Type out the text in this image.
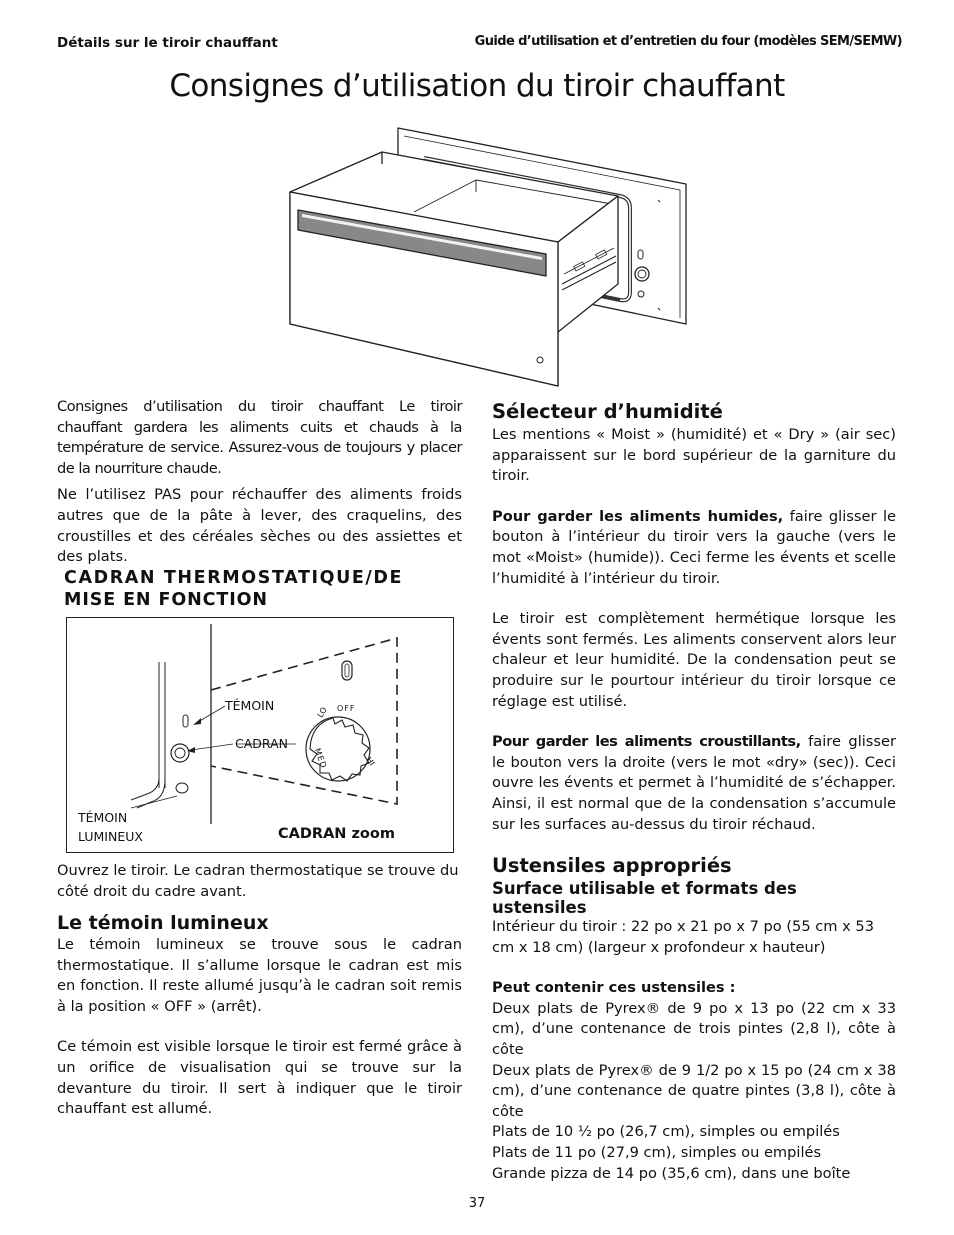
Détails sur le tiroir chauffant	Guide d’utilisation et d’entretien du four (modèles SEM/SEMW)
Consignes d’utilisation du tiroir chauffant

Consignes d’utilisation du tiroir chauffant Le tiroir chauffant gardera les aliments cuits et chauds à la température de service. Assurez-vous de toujours y placer de la nourriture chaude.

Ne l’utilisez PAS pour réchauffer des aliments froids autres que de la pâte à lever, des craquelins, des croustilles et des céréales sèches ou des assiettes et des plats.

CADRAN THERMOSTATIQUE/DE
MISE EN FONCTION
LO OFF
HI
MED
TÉMOIN
CADRAN
TÉMOIN
LUMINEUX	CADRAN zoom

Ouvrez le tiroir. Le cadran thermostatique se trouve du côté droit du cadre avant.

Le témoin lumineux

Le témoin lumineux se trouve sous le cadran thermostatique. Il s’allume lorsque le cadran est mis en fonction. Il reste allumé jusqu’à le cadran soit remis à la position « OFF » (arrêt).

Ce témoin est visible lorsque le tiroir est fermé grâce à un orifice de visualisation qui se trouve sur la devanture du tiroir. Il sert à indiquer que le tiroir chauffant est allumé.

Sélecteur d’humidité

Les mentions « Moist » (humidité) et « Dry » (air sec) apparaissent sur le bord supérieur de la garniture du tiroir.

Pour garder les aliments humides, faire glisser le bouton à l’intérieur du tiroir vers la gauche (vers le mot «Moist» (humide)). Ceci ferme les évents et scelle l’humidité à l’intérieur du tiroir.

Le tiroir est complètement hermétique lorsque les évents sont fermés. Les aliments conservent alors leur chaleur et leur humidité. De la condensation peut se produire sur le pourtour intérieur du tiroir lorsque ce réglage est utilisé.

Pour garder les aliments croustillants, faire glisser le bouton vers la droite (vers le mot «dry» (sec)). Ceci ouvre les évents et permet à l’humidité de s’échapper. Ainsi, il est normal que de la condensation s’accumule sur les surfaces au-dessus du tiroir réchaud.

Ustensiles appropriés
Surface utilisable et formats des ustensiles

Intérieur du tiroir : 22 po x 21 po x 7 po (55 cm x 53 cm x 18 cm) (largeur x profondeur x hauteur)

Peut contenir ces ustensiles :

Deux plats de Pyrex® de 9 po x 13 po (22 cm x 33 cm), d’une contenance de trois pintes (2,8 l), côte à côte

Deux plats de Pyrex® de 9 1/2 po x 15 po (24 cm x 38 cm), d’une contenance de quatre pintes (3,8 l), côte à côte

Plats de 10 ½ po (26,7 cm), simples ou empilés

Plats de 11 po (27,9 cm), simples ou empilés

Grande pizza de 14 po (35,6 cm), dans une boîte

37
